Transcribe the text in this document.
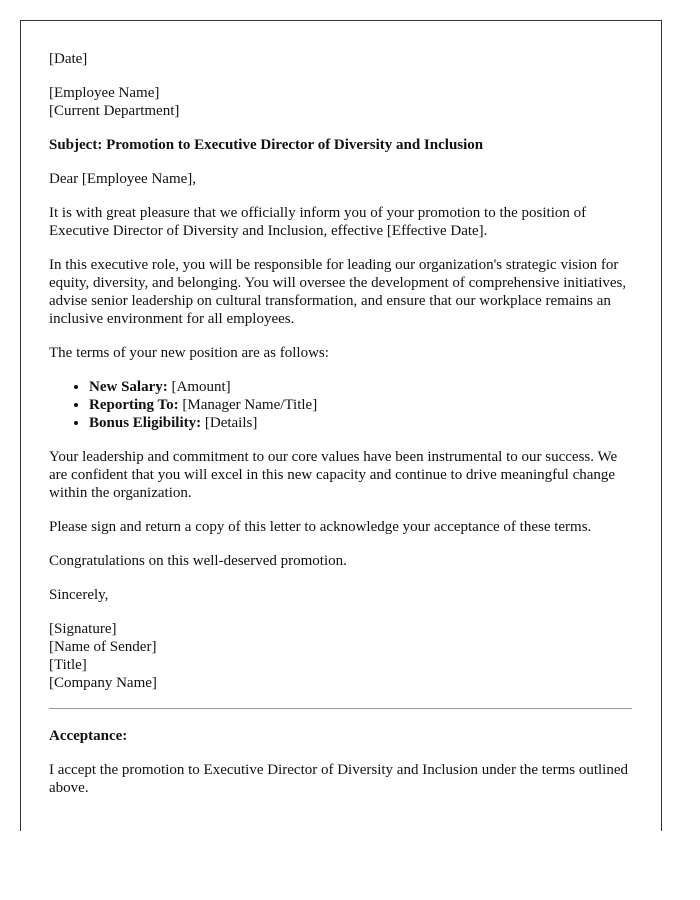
[Date]

[Employee Name]
[Current Department]

Subject: Promotion to Executive Director of Diversity and Inclusion

Dear [Employee Name],

It is with great pleasure that we officially inform you of your promotion to the position of Executive Director of Diversity and Inclusion, effective [Effective Date].

In this executive role, you will be responsible for leading our organization's strategic vision for equity, diversity, and belonging. You will oversee the development of comprehensive initiatives, advise senior leadership on cultural transformation, and ensure that our workplace remains an inclusive environment for all employees.

The terms of your new position are as follows:

• New Salary: [Amount]
• Reporting To: [Manager Name/Title]
• Bonus Eligibility: [Details]

Your leadership and commitment to our core values have been instrumental to our success. We are confident that you will excel in this new capacity and continue to drive meaningful change within the organization.

Please sign and return a copy of this letter to acknowledge your acceptance of these terms.

Congratulations on this well-deserved promotion.

Sincerely,

[Signature]
[Name of Sender]
[Title]
[Company Name]

Acceptance:

I accept the promotion to Executive Director of Diversity and Inclusion under the terms outlined above.
